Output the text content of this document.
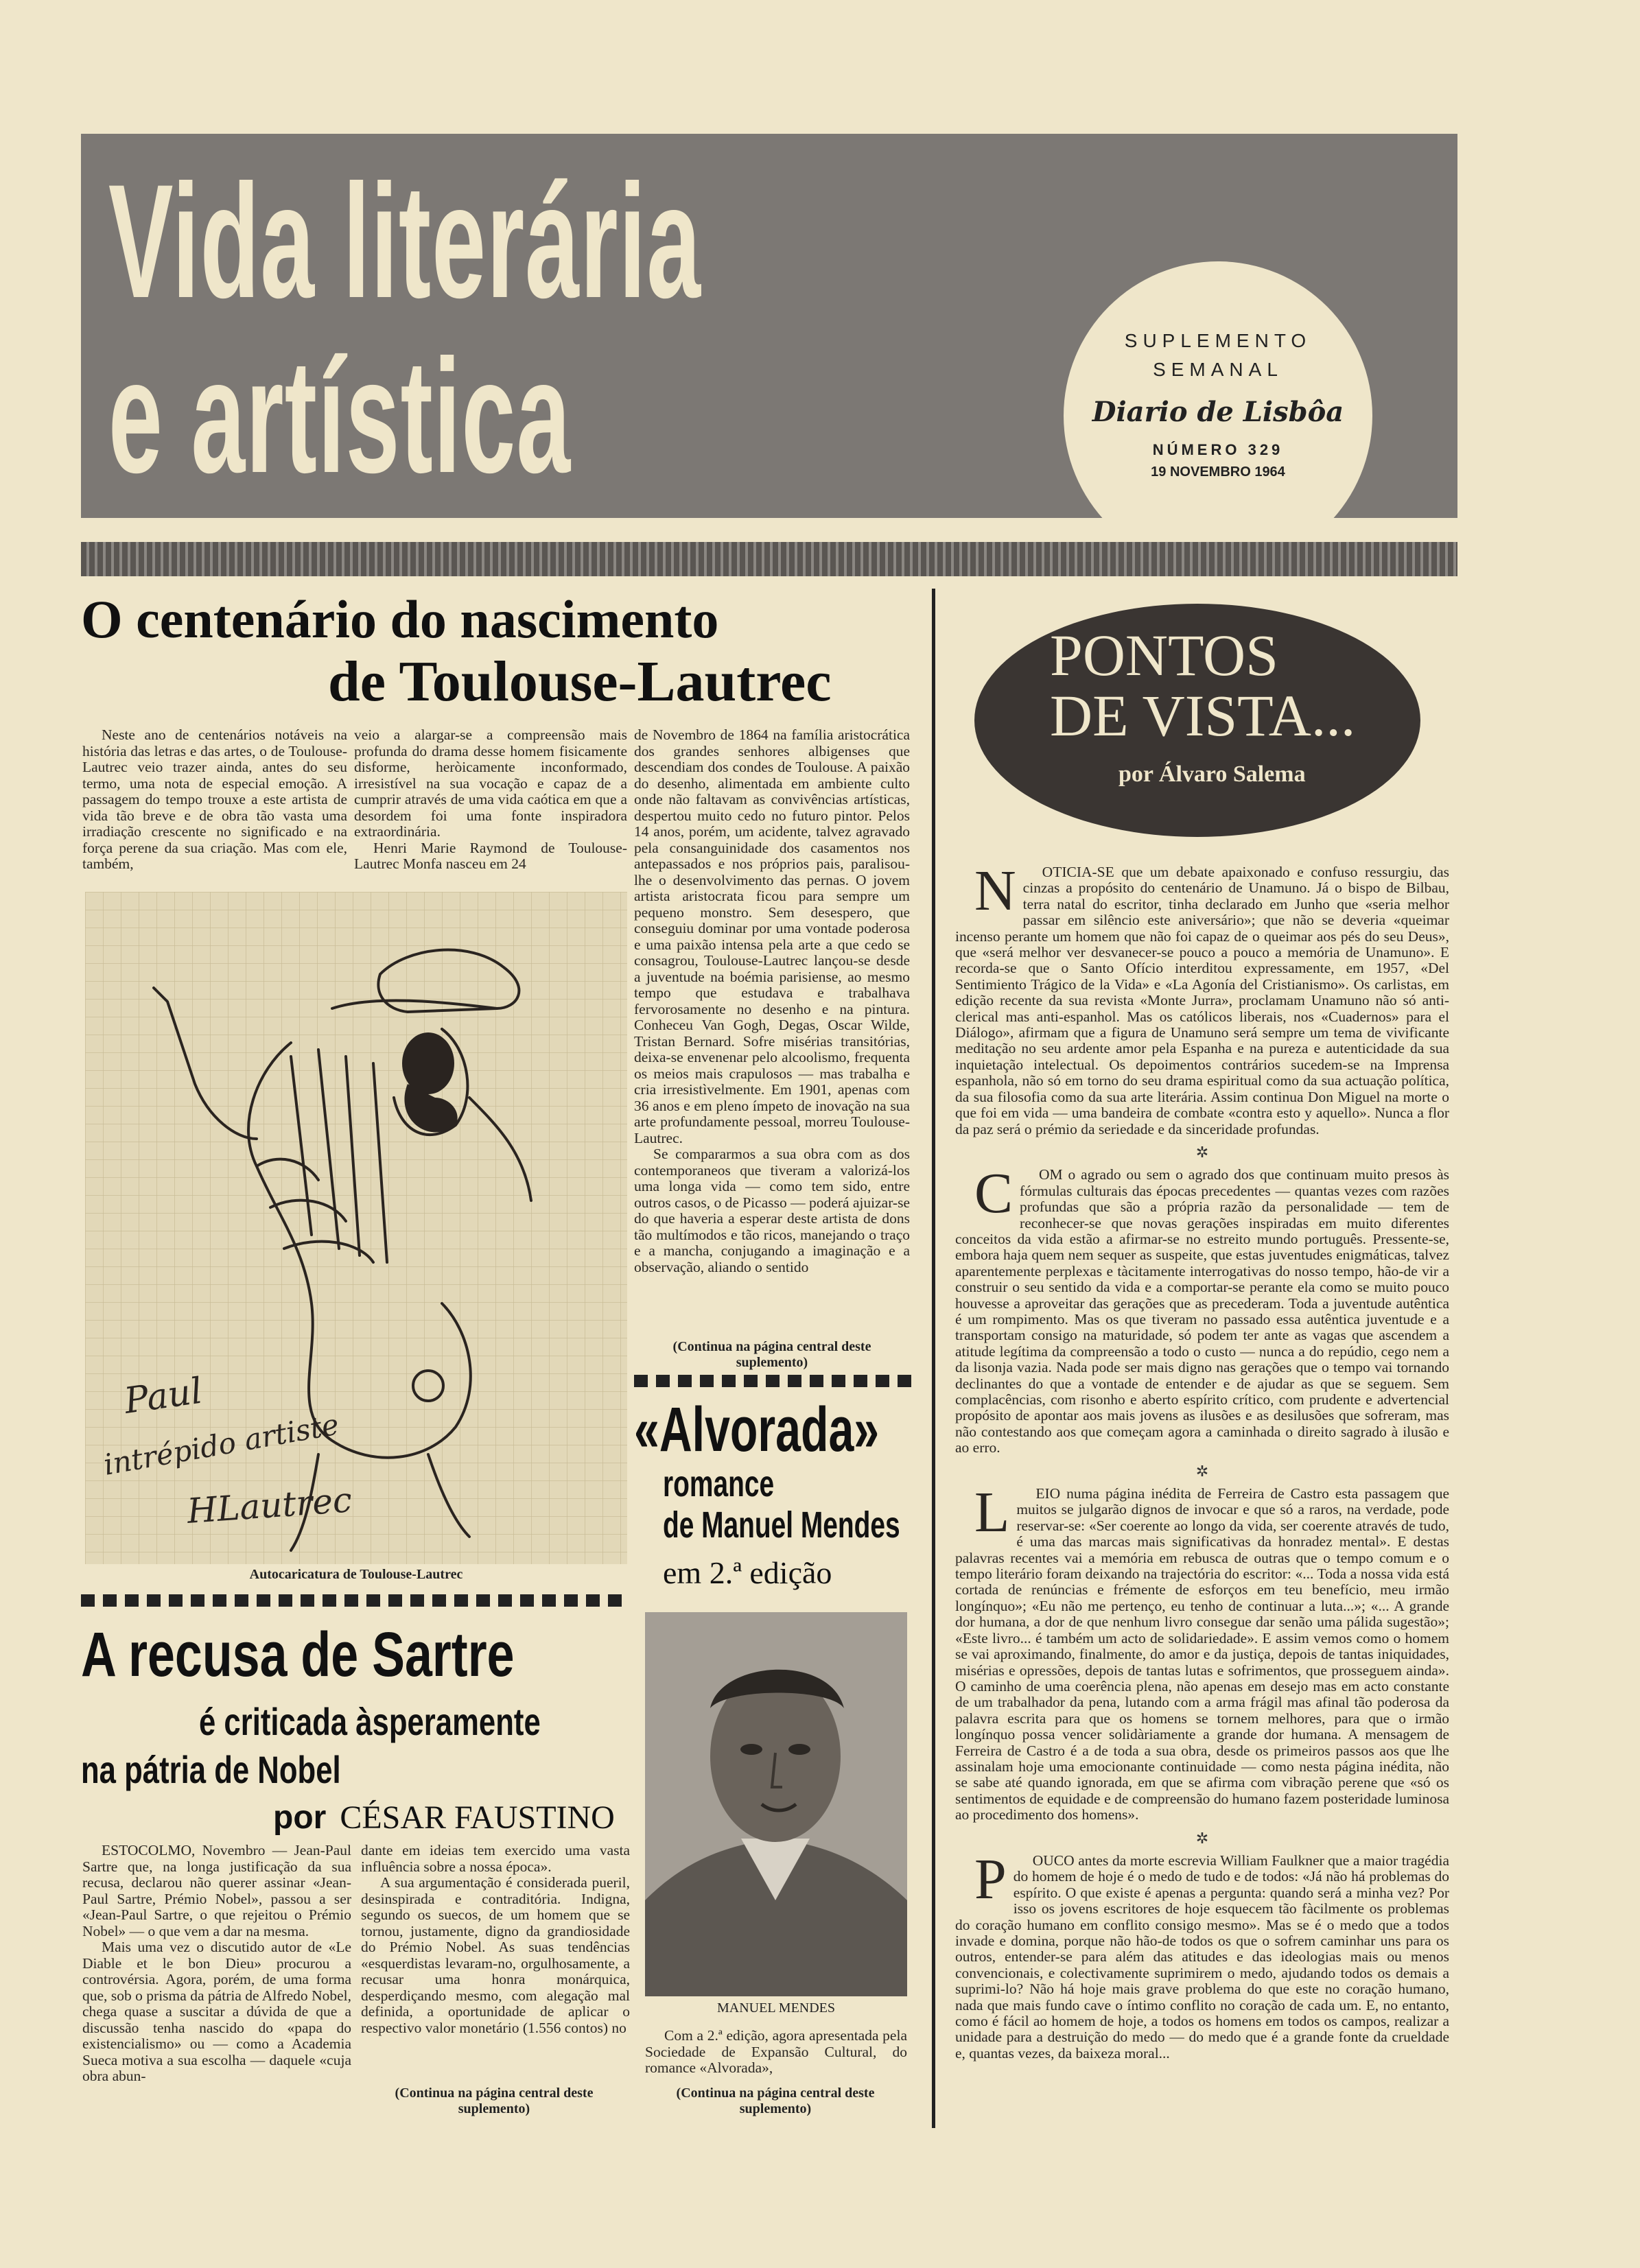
Vida literária
e artística	SUPLEMENTO
SEMANAL
Diario de Lisbôa
NÚMERO 329
19 NOVEMBRO 1964
O centenário do nascimento
de Toulouse-Lautrec

Neste ano de centenários notáveis na história das letras e das artes, o de Toulouse-Lautrec veio trazer ainda, antes do seu termo, uma nota de especial emoção. A passagem do tempo trouxe a este artista de vida tão breve e de obra tão vasta uma irradiação crescente no significado e na força perene da sua criação. Mas com ele, também,

veio a alargar-se a compreensão mais profunda do drama desse homem fisicamente disforme, heròicamente inconformado, irresistível na sua vocação e capaz de a cumprir através de uma vida caótica em que a desordem foi uma fonte inspiradora extraordinária.

Henri Marie Raymond de Toulouse-Lautrec Monfa nasceu em 24

de Novembro de 1864 na família aristocrática dos grandes senhores albigenses que descendiam dos condes de Toulouse. A paixão do desenho, alimentada em ambiente culto onde não faltavam as convivências artísticas, despertou muito cedo no futuro pintor. Pelos 14 anos, porém, um acidente, talvez agravado pela consanguinidade dos casamentos nos antepassados e nos próprios pais, paralisou-lhe o desenvolvimento das pernas. O jovem artista aristocrata ficou para sempre um pequeno monstro. Sem desespero, que conseguiu dominar por uma vontade poderosa e uma paixão intensa pela arte a que cedo se consagrou, Toulouse-Lautrec lançou-se desde a juventude na boémia parisiense, ao mesmo tempo que estudava e trabalhava fervorosamente no desenho e na pintura. Conheceu Van Gogh, Degas, Oscar Wilde, Tristan Bernard. Sofre misérias transitórias, deixa-se envenenar pelo alcoolismo, frequenta os meios mais crapulosos — mas trabalha e cria irresistìvelmente. Em 1901, apenas com 36 anos e em pleno ímpeto de inovação na sua arte profundamente pessoal, morreu Toulouse-Lautrec.

Se compararmos a sua obra com as dos contemporaneos que tiveram a valorizá-los uma longa vida — como tem sido, entre outros casos, o de Picasso — poderá ajuizar-se do que haveria a esperar deste artista de dons tão multímodos e tão ricos, manejando o traço e a mancha, conjugando a imaginação e a observação, aliando o sentido

(Continua na página central deste suplemento)
Paul
intrépido artiste
HLautrec
Autocaricatura de Toulouse-Lautrec
A recusa de Sartre
é criticada àsperamente
na pátria de Nobel
por CÉSAR FAUSTINO

ESTOCOLMO, Novembro — Jean-Paul Sartre que, na longa justificação da sua recusa, declarou não querer assinar «Jean-Paul Sartre, Prémio Nobel», passou a ser «Jean-Paul Sartre, o que rejeitou o Prémio Nobel» — o que vem a dar na mesma.

Mais uma vez o discutido autor de «Le Diable et le bon Dieu» procurou a controvérsia. Agora, porém, de uma forma que, sob o prisma da pátria de Alfredo Nobel, chega quase a suscitar a dúvida de que a discussão tenha nascido do «papa do existencialismo» ou — como a Academia Sueca motiva a sua escolha — daquele «cuja obra abun-

dante em ideias tem exercido uma vasta influência sobre a nossa época».

A sua argumentação é considerada pueril, desinspirada e contraditória. Indigna, segundo os suecos, de um homem que se tornou, justamente, digno da grandiosidade do Prémio Nobel. As suas tendências «esquerdistas levaram-no, orgulhosamente, a recusar uma honra monárquica, desperdiçando mesmo, com alegação mal definida, a oportunidade de aplicar o respectivo valor monetário (1.556 contos) no

(Continua na página central deste suplemento)
«Alvorada»
romance
de Manuel Mendes
em 2.ª edição
MANUEL MENDES

Com a 2.ª edição, agora apresentada pela Sociedade de Expansão Cultural, do romance «Alvorada»,

(Continua na página central deste suplemento)
PONTOS
DE VISTA...
por Álvaro Salema

N	OTICIA-SE que um debate apaixonado e confuso ressurgiu, das cinzas a propósito do centenário de Unamuno. Já o bispo de Bilbau, terra natal do escritor, tinha declarado em Junho que «seria melhor passar em silêncio este aniversário»; que não se deveria «queimar incenso perante um homem que não foi capaz de o queimar aos pés do seu Deus», que «será melhor ver desvanecer-se pouco a pouco a memória de Unamuno». E recorda-se que o Santo Ofício interditou expressamente, em 1957, «Del Sentimiento Trágico de la Vida» e «La Agonía del Cristianismo». Os carlistas, em edição recente da sua revista «Monte Jurra», proclamam Unamuno não só anti-clerical mas anti-espanhol. Mas os católicos liberais, nos «Cuadernos» para el Diálogo», afirmam que a figura de Unamuno será sempre um tema de vivificante meditação no seu ardente amor pela Espanha e na pureza e autenticidade da sua inquietação intelectual. Os depoimentos contrários sucedem-se na Imprensa espanhola, não só em torno do seu drama espiritual como da sua actuação política, da sua filosofia como da sua arte literária. Assim continua Don Miguel na morte o que foi em vida — uma bandeira de combate «contra esto y aquello». Nunca a flor da paz será o prémio da seriedade e da sinceridade profundas.

✲

C	OM o agrado ou sem o agrado dos que continuam muito presos às fórmulas culturais das épocas precedentes — quantas vezes com razões profundas que são a própria razão da personalidade — tem de reconhecer-se que novas gerações inspiradas em muito diferentes conceitos da vida estão a afirmar-se no estreito mundo português. Pressente-se, embora haja quem nem sequer as suspeite, que estas juventudes enigmáticas, talvez aparentemente perplexas e tàcitamente interrogativas do nosso tempo, hão-de vir a construir o seu sentido da vida e a comportar-se perante ela como se muito pouco houvesse a aproveitar das gerações que as precederam. Toda a juventude autêntica é um rompimento. Mas os que tiveram no passado essa autêntica juventude e a transportam consigo na maturidade, só podem ter ante as vagas que ascendem a atitude legítima da compreensão a todo o custo — nunca a do repúdio, cego nem a da lisonja vazia. Nada pode ser mais digno nas gerações que o tempo vai tornando declinantes do que a vontade de entender e de ajudar as que se seguem. Sem complacências, com risonho e aberto espírito crítico, com prudente e advertencial propósito de apontar aos mais jovens as ilusões e as desilusões que sofreram, mas não contestando aos que começam agora a caminhada o direito sagrado à ilusão e ao erro.

✲

L	EIO numa página inédita de Ferreira de Castro esta passagem que muitos se julgarão dignos de invocar e que só a raros, na verdade, pode reservar-se: «Ser coerente ao longo da vida, ser coerente através de tudo, é uma das marcas mais significativas da honradez mental». E destas palavras recentes vai a memória em rebusca de outras que o tempo comum e o tempo literário foram deixando na trajectória do escritor: «... Toda a nossa vida está cortada de renúncias e frémente de esforços em teu benefício, meu irmão longínquo»; «Eu não me pertenço, eu tenho de continuar a luta...»; «... A grande dor humana, a dor de que nenhum livro consegue dar senão uma pálida sugestão»; «Este livro... é também um acto de solidariedade». E assim vemos como o homem se vai aproximando, finalmente, do amor e da justiça, depois de tantas iniquidades, misérias e opressões, depois de tantas lutas e sofrimentos, que prosseguem ainda». O caminho de uma coerência plena, não apenas em desejo mas em acto constante de um trabalhador da pena, lutando com a arma frágil mas afinal tão poderosa da palavra escrita para que os homens se tornem melhores, para que o irmão longínquo possa vencer solidàriamente a grande dor humana. A mensagem de Ferreira de Castro é a de toda a sua obra, desde os primeiros passos aos que lhe assinalam hoje uma emocionante continuidade — como nesta página inédita, não se sabe até quando ignorada, em que se afirma com vibração perene que «só os sentimentos de equidade e de compreensão do humano fazem posteridade luminosa ao procedimento dos homens».

✲

P	OUCO antes da morte escrevia William Faulkner que a maior tragédia do homem de hoje é o medo de tudo e de todos: «Já não há problemas do espírito. O que existe é apenas a pergunta: quando será a minha vez? Por isso os jovens escritores de hoje esquecem tão fàcilmente os problemas do coração humano em conflito consigo mesmo». Mas se é o medo que a todos invade e domina, porque não hão-de todos os que o sofrem caminhar uns para os outros, entender-se para além das atitudes e das ideologias mais ou menos convencionais, e colectivamente suprimirem o medo, ajudando todos os demais a suprimi-lo? Não há hoje mais grave problema do que este no coração humano, nada que mais fundo cave o íntimo conflito no coração de cada um. E, no entanto, como é fácil ao homem de hoje, a todos os homens em todos os campos, realizar a unidade para a destruição do medo — do medo que é a grande fonte da crueldade e, quantas vezes, da baixeza moral...
